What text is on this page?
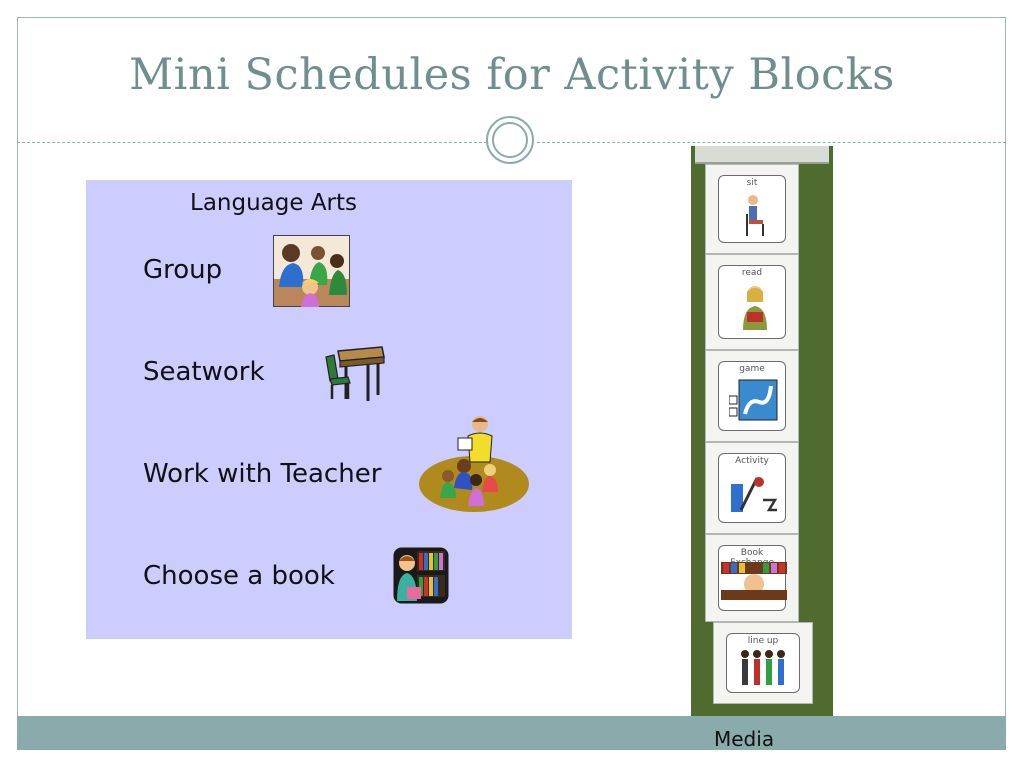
Mini Schedules for Activity Blocks
Language Arts
Group
Seatwork
Work with Teacher
Choose a book
sit
read
game
Activity
Book
line up
Media
